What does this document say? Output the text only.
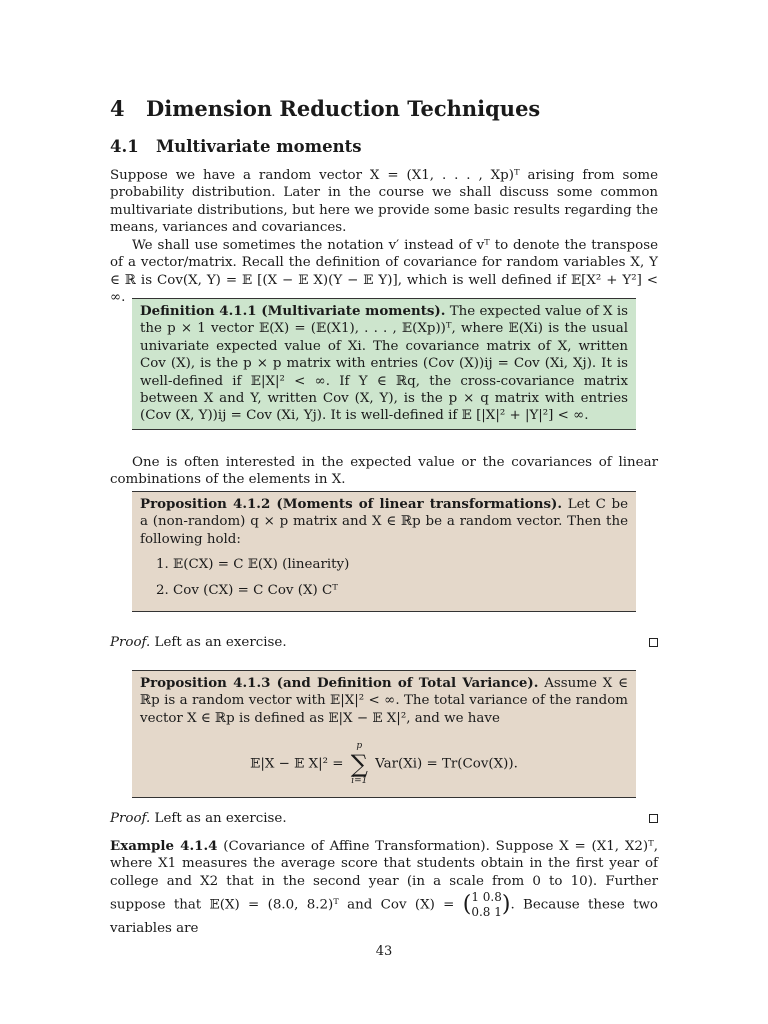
4 Dimension Reduction Techniques
4.1 Multivariate moments
Suppose we have a random vector X = (X1, . . . , Xp)ᵀ arising from some probability distribution. Later in the course we shall discuss some common multivariate distributions, but here we provide some basic results regarding the means, variances and covariances.
We shall use sometimes the notation v′ instead of vᵀ to denote the transpose of a vector/matrix. Recall the definition of covariance for random variables X, Y ∈ ℝ is Cov(X, Y) = 𝔼 [(X − 𝔼 X)(Y − 𝔼 Y)], which is well defined if 𝔼[X² + Y²] < ∞.
Definition 4.1.1 (Multivariate moments). The expected value of X is the p × 1 vector 𝔼(X) = (𝔼(X1), . . . , 𝔼(Xp))ᵀ, where 𝔼(Xi) is the usual univariate expected value of Xi. The covariance matrix of X, written Cov (X), is the p × p matrix with entries (Cov (X))ij = Cov (Xi, Xj). It is well-defined if 𝔼|X|² < ∞. If Y ∈ ℝq, the cross-covariance matrix between X and Y, written Cov (X, Y), is the p × q matrix with entries (Cov (X, Y))ij = Cov (Xi, Yj). It is well-defined if 𝔼 [|X|² + |Y|²] < ∞.
One is often interested in the expected value or the covariances of linear combinations of the elements in X.
Proposition 4.1.2 (Moments of linear transformations). Let C be a (non-random) q × p matrix and X ∈ ℝp be a random vector. Then the following hold:
1. 𝔼(CX) = C 𝔼(X) (linearity)
2. Cov (CX) = C Cov (X) Cᵀ
Proof. Left as an exercise.
Proposition 4.1.3 (and Definition of Total Variance). Assume X ∈ ℝp is a random vector with 𝔼|X|² < ∞. The total variance of the random vector X ∈ ℝp is defined as 𝔼|X − 𝔼 X|², and we have
𝔼|X − 𝔼 X|² =
p
∑
i=1
Var(Xi) = Tr(Cov(X)).
Proof. Left as an exercise.
Example 4.1.4 (Covariance of Affine Transformation). Suppose X = (X1, X2)ᵀ, where X1 measures the average score that students obtain in the first year of college and X2 that in the second year (in a scale from 0 to 10). Further suppose that 𝔼(X) = (8.0, 8.2)ᵀ and Cov (X) = (1 0.8
0.8 1). Because these two variables are
43
